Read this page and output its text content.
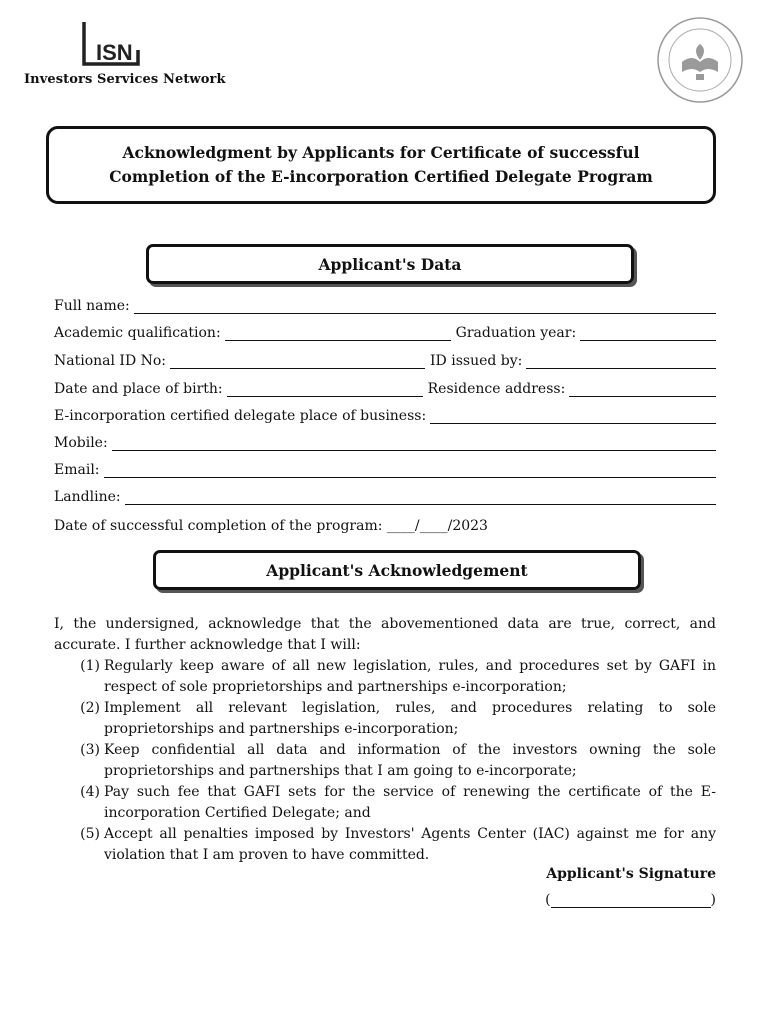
ISN
Investors Services Network
Acknowledgment by Applicants for Certificate of successful
Completion of the E-incorporation Certified Delegate Program
Applicant's Data
Full name:
Academic qualification:	Graduation year:
National ID No:	ID issued by:
Date and place of birth:	Residence address:
E-incorporation certified delegate place of business:
Mobile:
Email:
Landline:
Date of successful completion of the program: ____/____/2023
Applicant's Acknowledgement
I, the undersigned, acknowledge that the abovementioned data are true, correct, and accurate. I further acknowledge that I will:
(1) Regularly keep aware of all new legislation, rules, and procedures set by GAFI in respect of sole proprietorships and partnerships e-incorporation;
(2) Implement all relevant legislation, rules, and procedures relating to sole proprietorships and partnerships e-incorporation;
(3) Keep confidential all data and information of the investors owning the sole proprietorships and partnerships that I am going to e-incorporate;
(4) Pay such fee that GAFI sets for the service of renewing the certificate of the E-incorporation Certified Delegate; and
(5) Accept all penalties imposed by Investors' Agents Center (IAC) against me for any violation that I am proven to have committed.
Applicant's Signature
(	)
